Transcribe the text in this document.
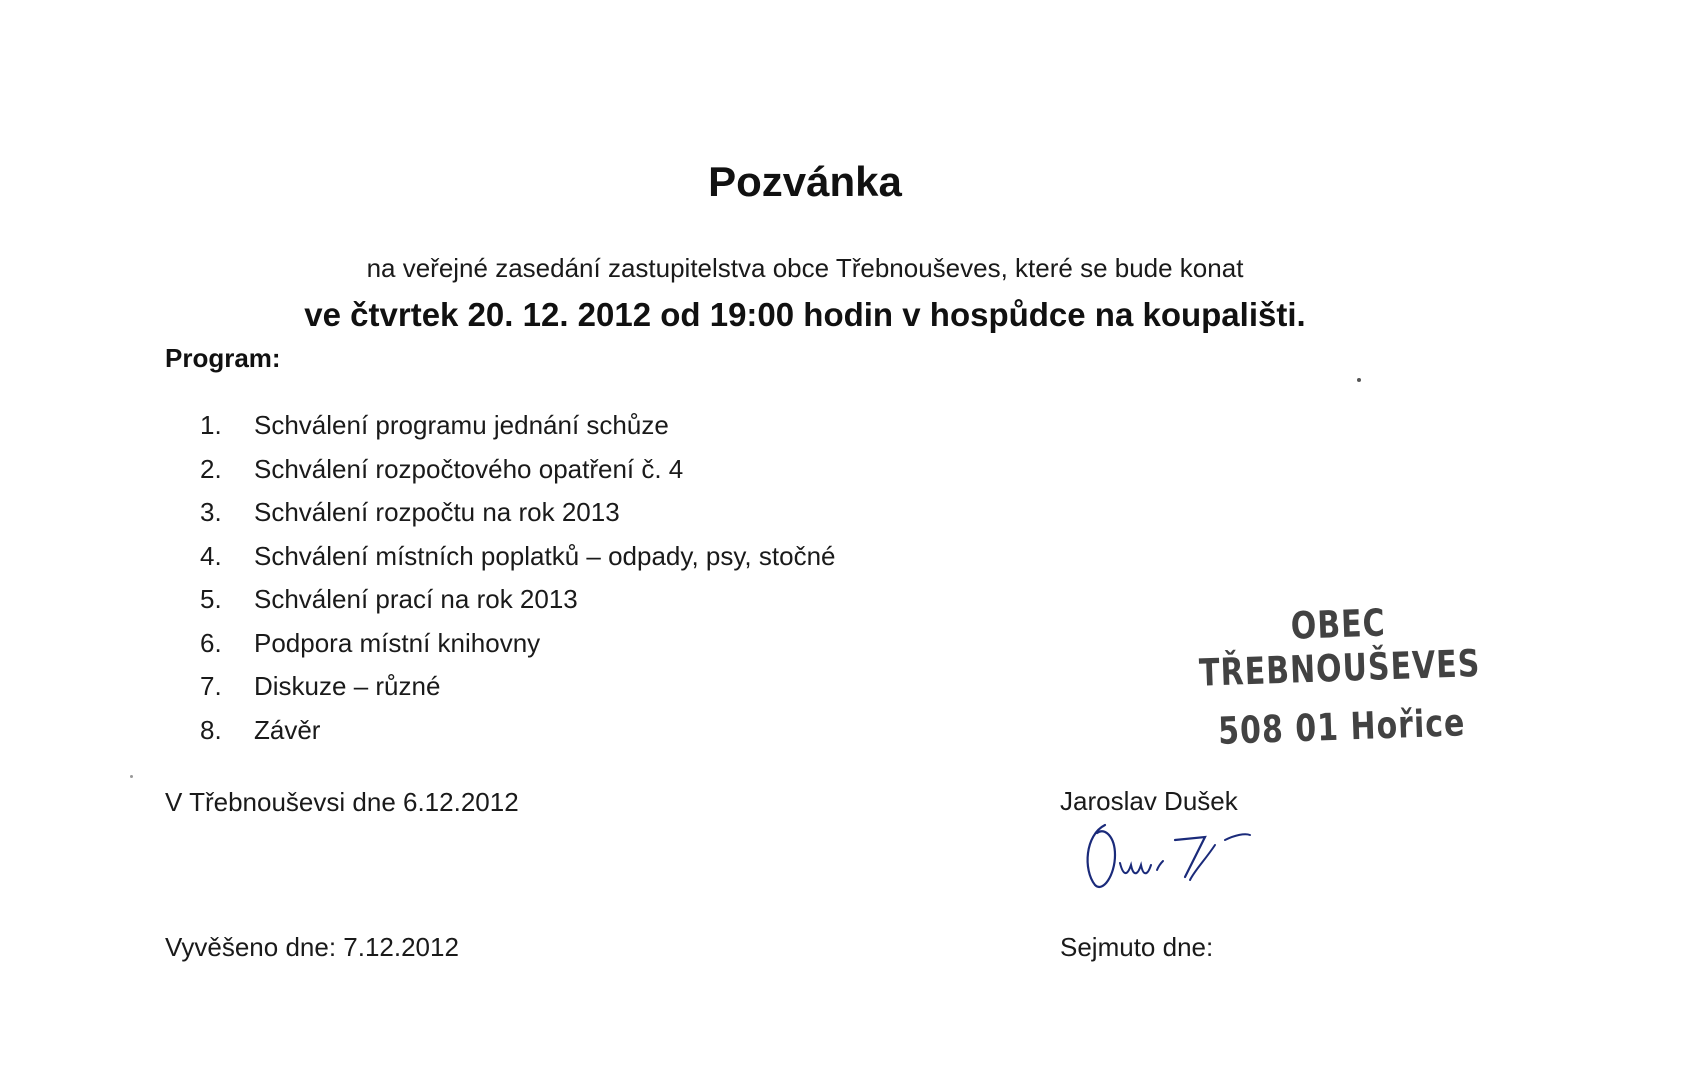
Pozvánka
na veřejné zasedání zastupitelstva obce Třebnouševes, které se bude konat
ve čtvrtek 20. 12. 2012 od 19:00 hodin v hospůdce na koupališti.
Program:
1.	Schválení programu jednání schůze
2.	Schválení rozpočtového opatření č. 4
3.	Schválení rozpočtu na rok 2013
4.	Schválení místních poplatků – odpady, psy, stočné
5.	Schválení prací na rok 2013
6.	Podpora místní knihovny
7.	Diskuze – různé
8.	Závěr
OBEC TŘEBNOUŠEVES
508 01 Hořice
V Třebnouševsi dne 6.12.2012	Jaroslav Dušek
Vyvěšeno dne: 7.12.2012	Sejmuto dne:
